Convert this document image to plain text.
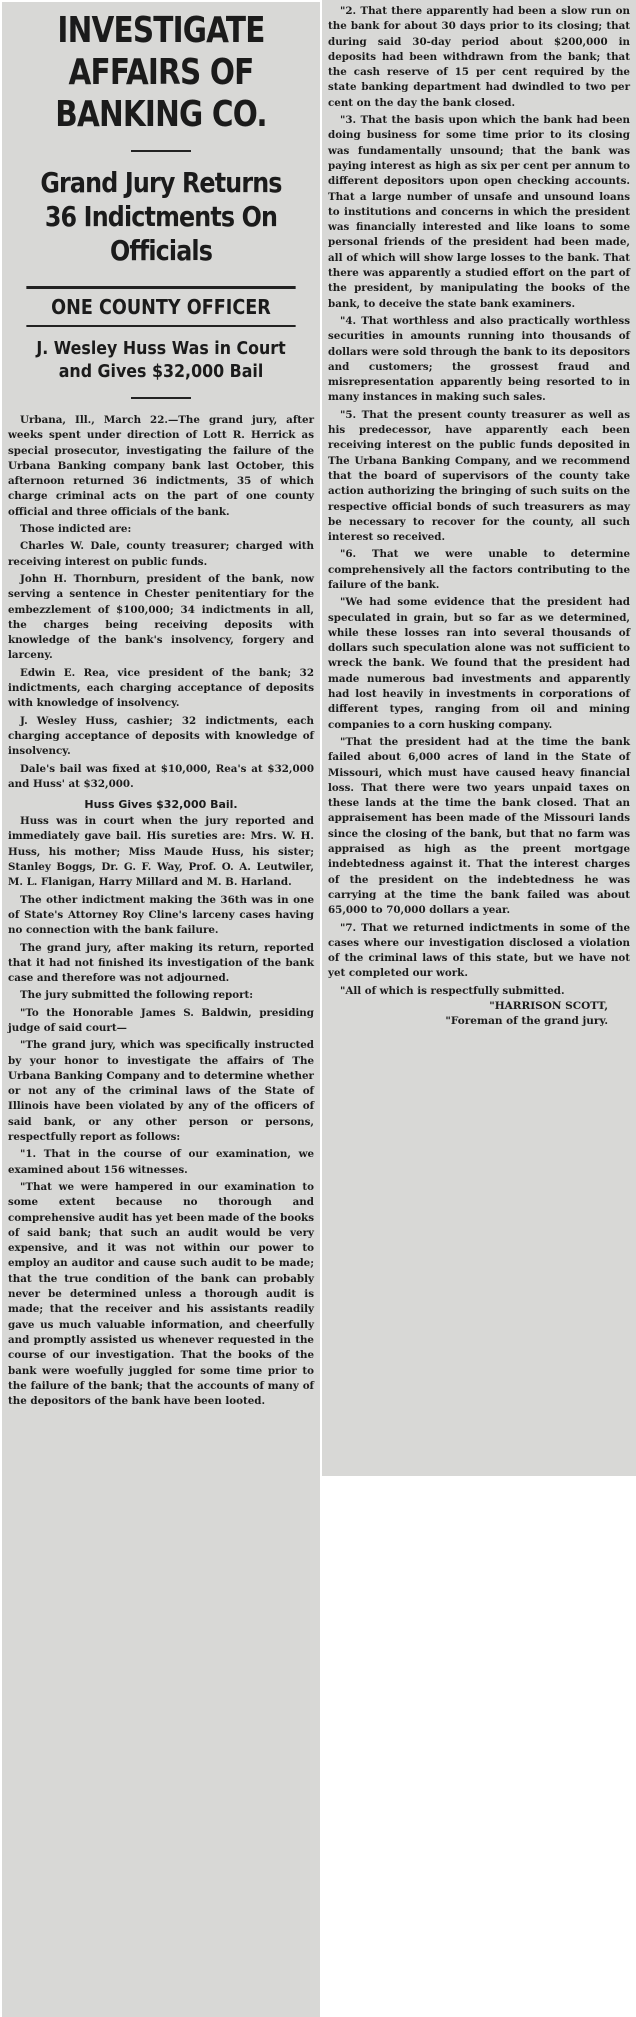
INVESTIGATE AFFAIRS OF BANKING CO.
Grand Jury Returns 36 Indictments On Officials
ONE COUNTY OFFICER
J. Wesley Huss Was in Court and Gives $32,000 Bail

Urbana, Ill., March 22.—The grand jury, after weeks spent under direction of Lott R. Herrick as special prosecutor, investigating the failure of the Urbana Banking company bank last October, this afternoon returned 36 indictments, 35 of which charge criminal acts on the part of one county official and three officials of the bank.

Those indicted are:

Charles W. Dale, county treasurer; charged with receiving interest on public funds.

John H. Thornburn, president of the bank, now serving a sentence in Chester penitentiary for the embezzlement of $100,000; 34 indictments in all, the charges being receiving deposits with knowledge of the bank's insolvency, forgery and larceny.

Edwin E. Rea, vice president of the bank; 32 indictments, each charging acceptance of deposits with knowledge of insolvency.

J. Wesley Huss, cashier; 32 indictments, each charging acceptance of deposits with knowledge of insolvency.

Dale's bail was fixed at $10,000, Rea's at $32,000 and Huss' at $32,000.

Huss Gives $32,000 Bail.

Huss was in court when the jury reported and immediately gave bail. His sureties are: Mrs. W. H. Huss, his mother; Miss Maude Huss, his sister; Stanley Boggs, Dr. G. F. Way, Prof. O. A. Leutwiler, M. L. Flanigan, Harry Millard and M. B. Harland.

The other indictment making the 36th was in one of State's Attorney Roy Cline's larceny cases having no connection with the bank failure.

The grand jury, after making its return, reported that it had not finished its investigation of the bank case and therefore was not adjourned.

The jury submitted the following report:

"To the Honorable James S. Baldwin, presiding judge of said court—

"The grand jury, which was specifically instructed by your honor to investigate the affairs of The Urbana Banking Company and to determine whether or not any of the criminal laws of the State of Illinois have been violated by any of the officers of said bank, or any other person or persons, respectfully report as follows:

"1. That in the course of our examination, we examined about 156 witnesses.

"That we were hampered in our examination to some extent because no thorough and comprehensive audit has yet been made of the books of said bank; that such an audit would be very expensive, and it was not within our power to employ an auditor and cause such audit to be made; that the true condition of the bank can probably never be determined unless a thorough audit is made; that the receiver and his assistants readily gave us much valuable information, and cheerfully and promptly assisted us whenever requested in the course of our investigation. That the books of the bank were woefully juggled for some time prior to the failure of the bank; that the accounts of many of the depositors of the bank have been looted.

"2. That there apparently had been a slow run on the bank for about 30 days prior to its closing; that during said 30-day period about $200,000 in deposits had been withdrawn from the bank; that the cash reserve of 15 per cent required by the state banking department had dwindled to two per cent on the day the bank closed.

"3. That the basis upon which the bank had been doing business for some time prior to its closing was fundamentally unsound; that the bank was paying interest as high as six per cent per annum to different depositors upon open checking accounts. That a large number of unsafe and unsound loans to institutions and concerns in which the president was financially interested and like loans to some personal friends of the president had been made, all of which will show large losses to the bank. That there was apparently a studied effort on the part of the president, by manipulating the books of the bank, to deceive the state bank examiners.

"4. That worthless and also practically worthless securities in amounts running into thousands of dollars were sold through the bank to its depositors and customers; the grossest fraud and misrepresentation apparently being resorted to in many instances in making such sales.

"5. That the present county treasurer as well as his predecessor, have apparently each been receiving interest on the public funds deposited in The Urbana Banking Company, and we recommend that the board of supervisors of the county take action authorizing the bringing of such suits on the respective official bonds of such treasurers as may be necessary to recover for the county, all such interest so received.

"6. That we were unable to determine comprehensively all the factors contributing to the failure of the bank.

"We had some evidence that the president had speculated in grain, but so far as we determined, while these losses ran into several thousands of dollars such speculation alone was not sufficient to wreck the bank. We found that the president had made numerous bad investments and apparently had lost heavily in investments in corporations of different types, ranging from oil and mining companies to a corn husking company.

"That the president had at the time the bank failed about 6,000 acres of land in the State of Missouri, which must have caused heavy financial loss. That there were two years unpaid taxes on these lands at the time the bank closed. That an appraisement has been made of the Missouri lands since the closing of the bank, but that no farm was appraised as high as the preent mortgage indebtedness against it. That the interest charges of the president on the indebtedness he was carrying at the time the bank failed was about 65,000 to 70,000 dollars a year.

"7. That we returned indictments in some of the cases where our investigation disclosed a violation of the criminal laws of this state, but we have not yet completed our work.

"All of which is respectfully submitted.

"HARRISON SCOTT,
"Foreman of the grand jury.
